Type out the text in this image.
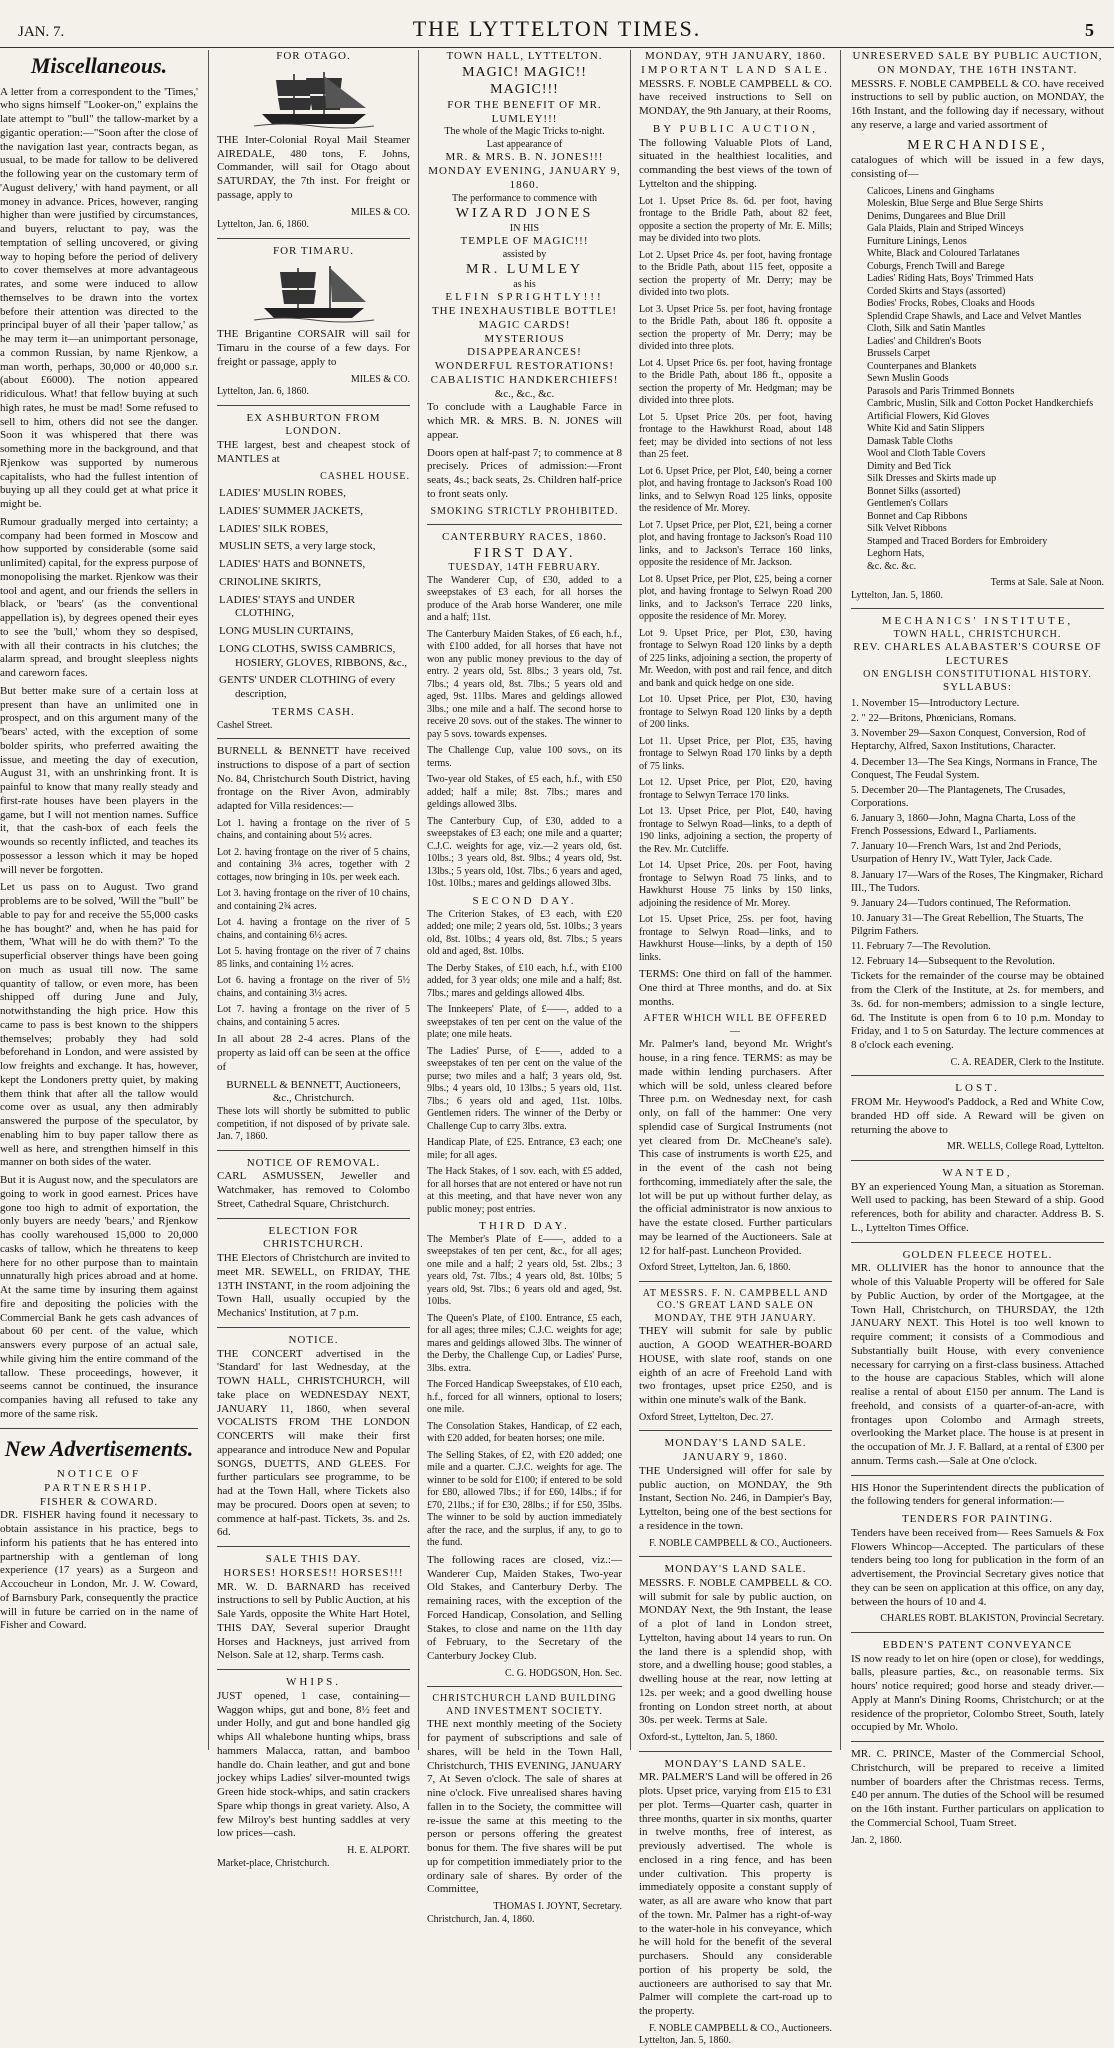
JAN. 7.	THE LYTTELTON TIMES.	5
Miscellaneous.

A letter from a correspondent to the 'Times,' who signs himself "Looker-on," explains the late attempt to "bull" the tallow-market by a gigantic operation:—"Soon after the close of the navigation last year, contracts began, as usual, to be made for tallow to be delivered the following year on the customary term of 'August delivery,' with hand payment, or all money in advance. Prices, however, ranging higher than were justified by circumstances, and buyers, reluctant to pay, was the temptation of selling uncovered, or giving way to hoping before the period of delivery to cover themselves at more advantageous rates, and some were induced to allow themselves to be drawn into the vortex before their attention was directed to the principal buyer of all their 'paper tallow,' as he may term it—an unimportant personage, a common Russian, by name Rjenkow, a man worth, perhaps, 30,000 or 40,000 s.r. (about £6000). The notion appeared ridiculous. What! that fellow buying at such high rates, he must be mad! Some refused to sell to him, others did not see the danger. Soon it was whispered that there was something more in the background, and that Rjenkow was supported by numerous capitalists, who had the fullest intention of buying up all they could get at what price it might be.

Rumour gradually merged into certainty; a company had been formed in Moscow and how supported by considerable (some said unlimited) capital, for the express purpose of monopolising the market. Rjenkow was their tool and agent, and our friends the sellers in black, or 'bears' (as the conventional appellation is), by degrees opened their eyes to see the 'bull,' whom they so despised, with all their contracts in his clutches; the alarm spread, and brought sleepless nights and careworn faces.

But better make sure of a certain loss at present than have an unlimited one in prospect, and on this argument many of the 'bears' acted, with the exception of some bolder spirits, who preferred awaiting the issue, and meeting the day of execution, August 31, with an unshrinking front. It is painful to know that many really steady and first-rate houses have been players in the game, but I will not mention names. Suffice it, that the cash-box of each feels the wounds so recently inflicted, and teaches its possessor a lesson which it may be hoped will never be forgotten.

Let us pass on to August. Two grand problems are to be solved, 'Will the "bull" be able to pay for and receive the 55,000 casks he has bought?' and, when he has paid for them, 'What will he do with them?' To the superficial observer things have been going on much as usual till now. The same quantity of tallow, or even more, has been shipped off during June and July, notwithstanding the high price. How this came to pass is best known to the shippers themselves; probably they had sold beforehand in London, and were assisted by low freights and exchange. It has, however, kept the Londoners pretty quiet, by making them think that after all the tallow would come over as usual, any then admirably answered the purpose of the speculator, by enabling him to buy paper tallow there as well as here, and strengthen himself in this manner on both sides of the water.

But it is August now, and the speculators are going to work in good earnest. Prices have gone too high to admit of exportation, the only buyers are needy 'bears,' and Rjenkow has coolly warehoused 15,000 to 20,000 casks of tallow, which he threatens to keep here for no other purpose than to maintain unnaturally high prices abroad and at home. At the same time by insuring them against fire and depositing the policies with the Commercial Bank he gets cash advances of about 60 per cent. of the value, which answers every purpose of an actual sale, while giving him the entire command of the tallow. These proceedings, however, it seems cannot be continued, the insurance companies having all refused to take any more of the same risk.

New Advertisements.
NOTICE OF PARTNERSHIP.
FISHER & COWARD.

DR. FISHER having found it necessary to obtain assistance in his practice, begs to inform his patients that he has entered into partnership with a gentleman of long experience (17 years) as a Surgeon and Accoucheur in London, Mr. J. W. Coward, of Barnsbury Park, consequently the practice will in future be carried on in the name of Fisher and Coward.

FOR OTAGO.

THE Inter-Colonial Royal Mail Steamer AIREDALE, 480 tons, F. Johns, Commander, will sail for Otago about SATURDAY, the 7th inst. For freight or passage, apply to

MILES & CO.
Lyttelton, Jan. 6, 1860.
FOR TIMARU.

THE Brigantine CORSAIR will sail for Timaru in the course of a few days. For freight or passage, apply to

MILES & CO.
Lyttelton, Jan. 6, 1860.
EX ASHBURTON FROM LONDON.

THE largest, best and cheapest stock of MANTLES at

CASHEL HOUSE.
LADIES' MUSLIN ROBES,
LADIES' SUMMER JACKETS,
LADIES' SILK ROBES,
MUSLIN SETS, a very large stock,
LADIES' HATS and BONNETS,
CRINOLINE SKIRTS,
LADIES' STAYS and UNDER CLOTHING,
LONG MUSLIN CURTAINS,
LONG CLOTHS, SWISS CAMBRICS, HOSIERY, GLOVES, RIBBONS, &c.,
GENTS' UNDER CLOTHING of every description,
TERMS CASH.
Cashel Street.

BURNELL & BENNETT have received instructions to dispose of a part of section No. 84, Christchurch South District, having frontage on the River Avon, admirably adapted for Villa residences:—

Lot 1. having a frontage on the river of 5 chains, and containing about 5½ acres.

Lot 2. having frontage on the river of 5 chains, and containing 3⅛ acres, together with 2 cottages, now bringing in 10s. per week each.

Lot 3. having frontage on the river of 10 chains, and containing 2¾ acres.

Lot 4. having a frontage on the river of 5 chains, and containing 6½ acres.

Lot 5. having frontage on the river of 7 chains 85 links, and containing 1½ acres.

Lot 6. having a frontage on the river of 5½ chains, and containing 3½ acres.

Lot 7. having a frontage on the river of 5 chains, and containing 5 acres.

In all about 28 2-4 acres. Plans of the property as laid off can be seen at the office of

BURNELL & BENNETT, Auctioneers, &c., Christchurch.

These lots will shortly be submitted to public competition, if not disposed of by private sale. Jan. 7, 1860.

NOTICE OF REMOVAL.

CARL ASMUSSEN, Jeweller and Watchmaker, has removed to Colombo Street, Cathedral Square, Christchurch.

ELECTION FOR CHRISTCHURCH.

THE Electors of Christchurch are invited to meet MR. SEWELL, on FRIDAY, THE 13TH INSTANT, in the room adjoining the Town Hall, usually occupied by the Mechanics' Institution, at 7 p.m.

NOTICE.

THE CONCERT advertised in the 'Standard' for last Wednesday, at the TOWN HALL, CHRISTCHURCH, will take place on WEDNESDAY NEXT, JANUARY 11, 1860, when several VOCALISTS FROM THE LONDON CONCERTS will make their first appearance and introduce New and Popular SONGS, DUETTS, AND GLEES. For further particulars see programme, to be had at the Town Hall, where Tickets also may be procured. Doors open at seven; to commence at half-past. Tickets, 3s. and 2s. 6d.

SALE THIS DAY.
HORSES! HORSES!! HORSES!!!

MR. W. D. BARNARD has received instructions to sell by Public Auction, at his Sale Yards, opposite the White Hart Hotel, THIS DAY, Several superior Draught Horses and Hackneys, just arrived from Nelson. Sale at 12, sharp. Terms cash.

WHIPS.

JUST opened, 1 case, containing— Waggon whips, gut and bone, 8½ feet and under Holly, and gut and bone handled gig whips All whalebone hunting whips, brass hammers Malacca, rattan, and bamboo handle do. Chain leather, and gut and bone jockey whips Ladies' silver-mounted twigs Green hide stock-whips, and satin crackers Spare whip thongs in great variety. Also, A few Milroy's best hunting saddles at very low prices—cash.

H. E. ALPORT.
Market-place, Christchurch.
TOWN HALL, LYTTELTON.
MAGIC! MAGIC!! MAGIC!!!
FOR THE BENEFIT OF MR. LUMLEY!!!
The whole of the Magic Tricks to-night.
Last appearance of
MR. & MRS. B. N. JONES!!!
MONDAY EVENING, JANUARY 9, 1860.
The performance to commence with
WIZARD JONES
IN HIS
TEMPLE OF MAGIC!!!
assisted by
MR. LUMLEY
as his
ELFIN SPRIGHTLY!!!
THE INEXHAUSTIBLE BOTTLE!
MAGIC CARDS!
MYSTERIOUS DISAPPEARANCES!
WONDERFUL RESTORATIONS!
CABALISTIC HANDKERCHIEFS!
&c., &c., &c.

To conclude with a Laughable Farce in which MR. & MRS. B. N. JONES will appear.

Doors open at half-past 7; to commence at 8 precisely. Prices of admission:—Front seats, 4s.; back seats, 2s. Children half-price to front seats only.

SMOKING STRICTLY PROHIBITED.
CANTERBURY RACES, 1860.
FIRST DAY.
TUESDAY, 14TH FEBRUARY.

The Wanderer Cup, of £30, added to a sweepstakes of £3 each, for all horses the produce of the Arab horse Wanderer, one mile and a half; 11st.

The Canterbury Maiden Stakes, of £6 each, h.f., with £100 added, for all horses that have not won any public money previous to the day of entry. 2 years old, 5st. 8lbs.; 3 years old, 7st. 7lbs.; 4 years old, 8st. 7lbs.; 5 years old and aged, 9st. 11lbs. Mares and geldings allowed 3lbs.; one mile and a half. The second horse to receive 20 sovs. out of the stakes. The winner to pay 5 sovs. towards expenses.

The Challenge Cup, value 100 sovs., on its terms.

Two-year old Stakes, of £5 each, h.f., with £50 added; half a mile; 8st. 7lbs.; mares and geldings allowed 3lbs.

The Canterbury Cup, of £30, added to a sweepstakes of £3 each; one mile and a quarter; C.J.C. weights for age, viz.—2 years old, 6st. 10lbs.; 3 years old, 8st. 9lbs.; 4 years old, 9st. 13lbs.; 5 years old, 10st. 7lbs.; 6 years and aged, 10st. 10lbs.; mares and geldings allowed 3lbs.

SECOND DAY.

The Criterion Stakes, of £3 each, with £20 added; one mile; 2 years old, 5st. 10lbs.; 3 years old, 8st. 10lbs.; 4 years old, 8st. 7lbs.; 5 years old and aged, 8st. 10lbs.

The Derby Stakes, of £10 each, h.f., with £100 added, for 3 year olds; one mile and a half; 8st. 7lbs.; mares and geldings allowed 4lbs.

The Innkeepers' Plate, of £——, added to a sweepstakes of ten per cent on the value of the plate; one mile heats.

The Ladies' Purse, of £——, added to a sweepstakes of ten per cent on the value of the purse; two miles and a half; 3 years old, 9st. 9lbs.; 4 years old, 10 13lbs.; 5 years old, 11st. 7lbs.; 6 years old and aged, 11st. 10lbs. Gentlemen riders. The winner of the Derby or Challenge Cup to carry 3lbs. extra.

Handicap Plate, of £25. Entrance, £3 each; one mile; for all ages.

The Hack Stakes, of 1 sov. each, with £5 added, for all horses that are not entered or have not run at this meeting, and that have never won any public money; post entries.

THIRD DAY.

The Member's Plate of £——, added to a sweepstakes of ten per cent, &c., for all ages; one mile and a half; 2 years old, 5st. 2lbs.; 3 years old, 7st. 7lbs.; 4 years old, 8st. 10lbs; 5 years old, 9st. 7lbs.; 6 years old and aged, 9st. 10lbs.

The Queen's Plate, of £100. Entrance, £5 each, for all ages; three miles; C.J.C. weights for age; mares and geldings allowed 3lbs. The winner of the Derby, the Challenge Cup, or Ladies' Purse, 3lbs. extra.

The Forced Handicap Sweepstakes, of £10 each, h.f., forced for all winners, optional to losers; one mile.

The Consolation Stakes, Handicap, of £2 each, with £20 added, for beaten horses; one mile.

The Selling Stakes, of £2, with £20 added; one mile and a quarter. C.J.C. weights for age. The winner to be sold for £100; if entered to be sold for £80, allowed 7lbs.; if for £60, 14lbs.; if for £70, 21lbs.; if for £30, 28lbs.; if for £50, 35lbs. The winner to be sold by auction immediately after the race, and the surplus, if any, to go to the fund.

The following races are closed, viz.:—Wanderer Cup, Maiden Stakes, Two-year Old Stakes, and Canterbury Derby. The remaining races, with the exception of the Forced Handicap, Consolation, and Selling Stakes, to close and name on the 11th day of February, to the Secretary of the Canterbury Jockey Club.

C. G. HODGSON, Hon. Sec.
CHRISTCHURCH LAND BUILDING AND INVESTMENT SOCIETY.

THE next monthly meeting of the Society for payment of subscriptions and sale of shares, will be held in the Town Hall, Christchurch, THIS EVENING, JANUARY 7, At Seven o'clock. The sale of shares at nine o'clock. Five unrealised shares having fallen in to the Society, the committee will re-issue the same at this meeting to the person or persons offering the greatest bonus for them. The five shares will be put up for competition immediately prior to the ordinary sale of shares. By order of the Committee,

THOMAS I. JOYNT, Secretary.
Christchurch, Jan. 4, 1860.
MONDAY, 9TH JANUARY, 1860.
IMPORTANT LAND SALE.

MESSRS. F. NOBLE CAMPBELL & CO. have received instructions to Sell on MONDAY, the 9th January, at their Rooms,

BY PUBLIC AUCTION,

The following Valuable Plots of Land, situated in the healthiest localities, and commanding the best views of the town of Lyttelton and the shipping.

Lot 1. Upset Price 8s. 6d. per foot, having frontage to the Bridle Path, about 82 feet, opposite a section the property of Mr. E. Mills; may be divided into two plots.

Lot 2. Upset Price 4s. per foot, having frontage to the Bridle Path, about 115 feet, opposite a section the property of Mr. Derry; may be divided into two plots.

Lot 3. Upset Price 5s. per foot, having frontage to the Bridle Path, about 186 ft. opposite a section the property of Mr. Derry; may be divided into three plots.

Lot 4. Upset Price 6s. per foot, having frontage to the Bridle Path, about 186 ft., opposite a section the property of Mr. Hedgman; may be divided into three plots.

Lot 5. Upset Price 20s. per foot, having frontage to the Hawkhurst Road, about 148 feet; may be divided into sections of not less than 25 feet.

Lot 6. Upset Price, per Plot, £40, being a corner plot, and having frontage to Jackson's Road 100 links, and to Selwyn Road 125 links, opposite the residence of Mr. Morey.

Lot 7. Upset Price, per Plot, £21, being a corner plot, and having frontage to Jackson's Road 110 links, and to Jackson's Terrace 160 links, opposite the residence of Mr. Jackson.

Lot 8. Upset Price, per Plot, £25, being a corner plot, and having frontage to Selwyn Road 200 links, and to Jackson's Terrace 220 links, opposite the residence of Mr. Morey.

Lot 9. Upset Price, per Plot, £30, having frontage to Selwyn Road 120 links by a depth of 225 links, adjoining a section, the property of Mr. Weedon, with post and rail fence, and ditch and bank and quick hedge on one side.

Lot 10. Upset Price, per Plot, £30, having frontage to Selwyn Road 120 links by a depth of 200 links.

Lot 11. Upset Price, per Plot, £35, having frontage to Selwyn Road 170 links by a depth of 75 links.

Lot 12. Upset Price, per Plot, £20, having frontage to Selwyn Terrace 170 links.

Lot 13. Upset Price, per Plot, £40, having frontage to Selwyn Road—links, to a depth of 190 links, adjoining a section, the property of the Rev. Mr. Cutcliffe.

Lot 14. Upset Price, 20s. per Foot, having frontage to Selwyn Road 75 links, and to Hawkhurst House 75 links by 150 links, adjoining the residence of Mr. Morey.

Lot 15. Upset Price, 25s. per foot, having frontage to Selwyn Road—links, and to Hawkhurst House—links, by a depth of 150 links.

TERMS: One third on fall of the hammer. One third at Three months, and do. at Six months.

AFTER WHICH WILL BE OFFERED—

Mr. Palmer's land, beyond Mr. Wright's house, in a ring fence. TERMS: as may be made within lending purchasers. After which will be sold, unless cleared before Three p.m. on Wednesday next, for cash only, on fall of the hammer: One very splendid case of Surgical Instruments (not yet cleared from Dr. McCheane's sale). This case of instruments is worth £25, and in the event of the cash not being forthcoming, immediately after the sale, the lot will be put up without further delay, as the official administrator is now anxious to have the estate closed. Further particulars may be learned of the Auctioneers. Sale at 12 for half-past. Luncheon Provided.

Oxford Street, Lyttelton, Jan. 6, 1860.
AT MESSRS. F. N. CAMPBELL AND CO.'S GREAT LAND SALE ON MONDAY, THE 9TH JANUARY.

THEY will submit for sale by public auction, A GOOD WEATHER-BOARD HOUSE, with slate roof, stands on one eighth of an acre of Freehold Land with two frontages, upset price £250, and is within one minute's walk of the Bank.

Oxford Street, Lyttelton, Dec. 27.
MONDAY'S LAND SALE. JANUARY 9, 1860.

THE Undersigned will offer for sale by public auction, on MONDAY, the 9th Instant, Section No. 246, in Dampier's Bay, Lyttelton, being one of the best sections for a residence in the town.

F. NOBLE CAMPBELL & CO., Auctioneers.
MONDAY'S LAND SALE.

MESSRS. F. NOBLE CAMPBELL & CO. will submit for sale by public auction, on MONDAY Next, the 9th Instant, the lease of a plot of land in London street, Lyttelton, having about 14 years to run. On the land there is a splendid shop, with store, and a dwelling house; good stables, a dwelling house at the rear, now letting at 12s. per week; and a good dwelling house fronting on London street north, at about 30s. per week. Terms at Sale.

Oxford-st., Lyttelton, Jan. 5, 1860.
MONDAY'S LAND SALE.

MR. PALMER'S Land will be offered in 26 plots. Upset price, varying from £15 to £31 per plot. Terms—Quarter cash, quarter in three months, quarter in six months, quarter in twelve months, free of interest, as previously advertised. The whole is enclosed in a ring fence, and has been under cultivation. This property is immediately opposite a constant supply of water, as all are aware who know that part of the town. Mr. Palmer has a right-of-way to the water-hole in his conveyance, which he will hold for the benefit of the several purchasers. Should any considerable portion of his property be sold, the auctioneers are authorised to say that Mr. Palmer will complete the cart-road up to the property.

F. NOBLE CAMPBELL & CO., Auctioneers.
Lyttelton, Jan. 5, 1860.
UNRESERVED SALE BY PUBLIC AUCTION, ON MONDAY, THE 16TH INSTANT.

MESSRS. F. NOBLE CAMPBELL & CO. have received instructions to sell by public auction, on MONDAY, the 16th Instant, and the following day if necessary, without any reserve, a large and varied assortment of

MERCHANDISE,

catalogues of which will be issued in a few days, consisting of—

Calicoes, Linens and Ginghams
Moleskin, Blue Serge and Blue Serge Shirts
Denims, Dungarees and Blue Drill
Gala Plaids, Plain and Striped Winceys
Furniture Linings, Lenos
White, Black and Coloured Tarlatanes
Coburgs, French Twill and Barege
Ladies' Riding Hats, Boys' Trimmed Hats
Corded Skirts and Stays (assorted)
Bodies' Frocks, Robes, Cloaks and Hoods
Splendid Crape Shawls, and Lace and Velvet Mantles
Cloth, Silk and Satin Mantles
Ladies' and Children's Boots
Brussels Carpet
Counterpanes and Blankets
Sewn Muslin Goods
Parasols and Paris Trimmed Bonnets
Cambric, Muslin, Silk and Cotton Pocket Handkerchiefs
Artificial Flowers, Kid Gloves
White Kid and Satin Slippers
Damask Table Cloths
Wool and Cloth Table Covers
Dimity and Bed Tick
Silk Dresses and Skirts made up
Bonnet Silks (assorted)
Gentlemen's Collars
Bonnet and Cap Ribbons
Silk Velvet Ribbons
Stamped and Traced Borders for Embroidery
Leghorn Hats,
&c. &c. &c.
Terms at Sale. Sale at Noon.
Lyttelton, Jan. 5, 1860.
MECHANICS' INSTITUTE,
TOWN HALL, CHRISTCHURCH.
REV. CHARLES ALABASTER'S COURSE OF LECTURES
ON ENGLISH CONSTITUTIONAL HISTORY.
SYLLABUS:
1. November 15—Introductory Lecture.
2. " 22—Britons, Phœnicians, Romans.
3. November 29—Saxon Conquest, Conversion, Rod of Heptarchy, Alfred, Saxon Institutions, Character.
4. December 13—The Sea Kings, Normans in France, The Conquest, The Feudal System.
5. December 20—The Plantagenets, The Crusades, Corporations.
6. January 3, 1860—John, Magna Charta, Loss of the French Possessions, Edward I., Parliaments.
7. January 10—French Wars, 1st and 2nd Periods, Usurpation of Henry IV., Watt Tyler, Jack Cade.
8. January 17—Wars of the Roses, The Kingmaker, Richard III., The Tudors.
9. January 24—Tudors continued, The Reformation.
10. January 31—The Great Rebellion, The Stuarts, The Pilgrim Fathers.
11. February 7—The Revolution.
12. February 14—Subsequent to the Revolution.

Tickets for the remainder of the course may be obtained from the Clerk of the Institute, at 2s. for members, and 3s. 6d. for non-members; admission to a single lecture, 6d. The Institute is open from 6 to 10 p.m. Monday to Friday, and 1 to 5 on Saturday. The lecture commences at 8 o'clock each evening.

C. A. READER, Clerk to the Institute.
LOST.

FROM Mr. Heywood's Paddock, a Red and White Cow, branded HD off side. A Reward will be given on returning the above to

MR. WELLS, College Road, Lyttelton.
WANTED,

BY an experienced Young Man, a situation as Storeman. Well used to packing, has been Steward of a ship. Good references, both for ability and character. Address B. S. L., Lyttelton Times Office.

GOLDEN FLEECE HOTEL.

MR. OLLIVIER has the honor to announce that the whole of this Valuable Property will be offered for Sale by Public Auction, by order of the Mortgagee, at the Town Hall, Christchurch, on THURSDAY, the 12th JANUARY NEXT. This Hotel is too well known to require comment; it consists of a Commodious and Substantially built House, with every convenience necessary for carrying on a first-class business. Attached to the house are capacious Stables, which will alone realise a rental of about £150 per annum. The Land is freehold, and consists of a quarter-of-an-acre, with frontages upon Colombo and Armagh streets, overlooking the Market place. The house is at present in the occupation of Mr. J. F. Ballard, at a rental of £300 per annum. Terms cash.—Sale at One o'clock.

HIS Honor the Superintendent directs the publication of the following tenders for general information:—

TENDERS FOR PAINTING.

Tenders have been received from— Rees Samuels & Fox Flowers Whincop—Accepted. The particulars of these tenders being too long for publication in the form of an advertisement, the Provincial Secretary gives notice that they can be seen on application at this office, on any day, between the hours of 10 and 4.

CHARLES ROBT. BLAKISTON, Provincial Secretary.
EBDEN'S PATENT CONVEYANCE

IS now ready to let on hire (open or close), for weddings, balls, pleasure parties, &c., on reasonable terms. Six hours' notice required; good horse and steady driver.—Apply at Mann's Dining Rooms, Christchurch; or at the residence of the proprietor, Colombo Street, South, lately occupied by Mr. Wholo.

MR. C. PRINCE, Master of the Commercial School, Christchurch, will be prepared to receive a limited number of boarders after the Christmas recess. Terms, £40 per annum. The duties of the School will be resumed on the 16th instant. Further particulars on application to the Commercial School, Tuam Street.

Jan. 2, 1860.
